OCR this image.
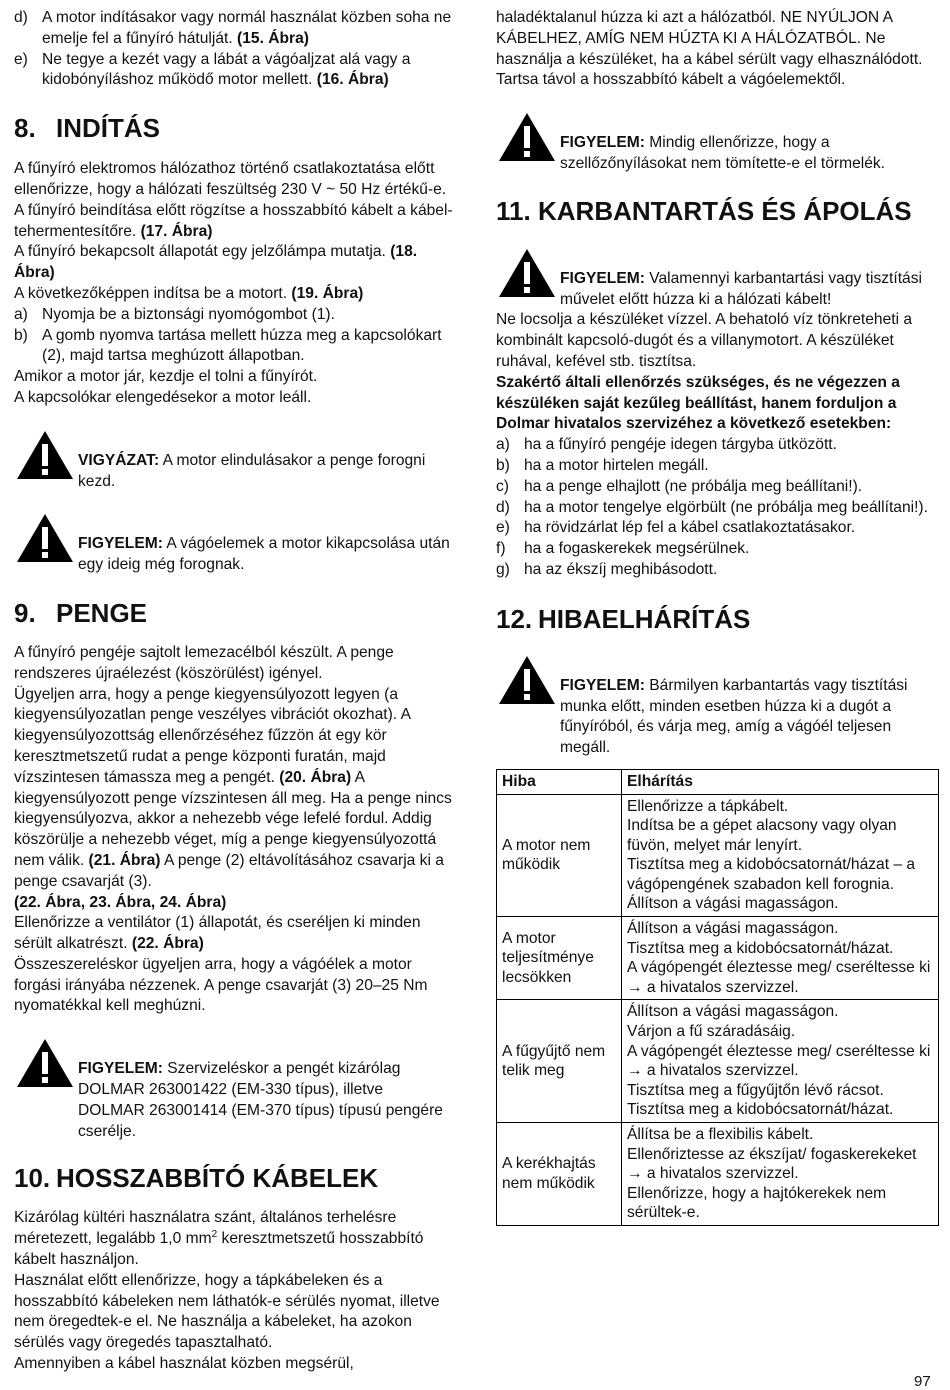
d) A motor indításakor vagy normál használat közben soha ne emelje fel a fűnyíró hátulját. (15. Ábra)
e) Ne tegye a kezét vagy a lábát a vágóaljzat alá vagy a kidobónyíláshoz működő motor mellett. (16. Ábra)
8. INDÍTÁS

A fűnyíró elektromos hálózathoz történő csatlakoztatása előtt ellenőrizze, hogy a hálózati feszültség 230 V ~ 50 Hz értékű-e.

A fűnyíró beindítása előtt rögzítse a hosszabbító kábelt a kábel-tehermentesítőre. (17. Ábra)

A fűnyíró bekapcsolt állapotát egy jelzőlámpa mutatja. (18. Ábra)

A következőképpen indítsa be a motort. (19. Ábra)

a) Nyomja be a biztonsági nyomógombot (1).
b) A gomb nyomva tartása mellett húzza meg a kapcsolókart (2), majd tartsa meghúzott állapotban.

Amikor a motor jár, kezdje el tolni a fűnyírót.

A kapcsolókar elengedésekor a motor leáll.

VIGYÁZAT: A motor elindulásakor a penge forogni kezd.

FIGYELEM: A vágóelemek a motor kikapcsolása után egy ideig még forognak.

9. PENGE

A fűnyíró pengéje sajtolt lemezacélból készült. A penge rendszeres újraélezést (köszörülést) igényel.

Ügyeljen arra, hogy a penge kiegyensúlyozott legyen (a kiegyensúlyozatlan penge veszélyes vibrációt okozhat). A kiegyensúlyozottság ellenőrzéséhez fűzzön át egy kör keresztmetszetű rudat a penge központi furatán, majd vízszintesen támassza meg a pengét. (20. Ábra) A kiegyensúlyozott penge vízszintesen áll meg. Ha a penge nincs kiegyensúlyozva, akkor a nehezebb vége lefelé fordul. Addig köszörülje a nehezebb véget, míg a penge kiegyensúlyozottá nem válik. (21. Ábra) A penge (2) eltávolításához csavarja ki a penge csavarját (3).

(22. Ábra, 23. Ábra, 24. Ábra)

Ellenőrizze a ventilátor (1) állapotát, és cseréljen ki minden sérült alkatrészt. (22. Ábra)

Összeszereléskor ügyeljen arra, hogy a vágóélek a motor forgási irányába nézzenek. A penge csavarját (3) 20–25 Nm nyomatékkal kell meghúzni.

FIGYELEM: Szervizeléskor a pengét kizárólag DOLMAR 263001422 (EM-330 típus), illetve DOLMAR 263001414 (EM-370 típus) típusú pengére cserélje.

10. HOSSZABBÍTÓ KÁBELEK

Kizárólag kültéri használatra szánt, általános terhelésre méretezett, legalább 1,0 $mm^2$ keresztmetszetű hosszabbító kábelt használjon.

Használat előtt ellenőrizze, hogy a tápkábeleken és a hosszabbító kábeleken nem láthatók-e sérülés nyomat, illetve nem öregedtek-e el. Ne használja a kábeleket, ha azokon sérülés vagy öregedés tapasztalható.

Amennyiben a kábel használat közben megsérül,

haladéktalanul húzza ki azt a hálózatból. NE NYÚLJON A KÁBELHEZ, AMÍG NEM HÚZTA KI A HÁLÓZATBÓL. Ne használja a készüléket, ha a kábel sérült vagy elhasználódott. Tartsa távol a hosszabbító kábelt a vágóelemektől.

FIGYELEM: Mindig ellenőrizze, hogy a szellőzőnyílásokat nem tömítette-e el törmelék.

11. KARBANTARTÁS ÉS ÁPOLÁS

FIGYELEM: Valamennyi karbantartási vagy tisztítási művelet előtt húzza ki a hálózati kábelt!

Ne locsolja a készüléket vízzel. A behatoló víz tönkreteheti a kombinált kapcsoló-dugót és a villanymotort. A készüléket ruhával, kefével stb. tisztítsa.

Szakértő általi ellenőrzés szükséges, és ne végezzen a készüléken saját kezűleg beállítást, hanem forduljon a Dolmar hivatalos szervizéhez a következő esetekben:

a) ha a fűnyíró pengéje idegen tárgyba ütközött.
b) ha a motor hirtelen megáll.
c) ha a penge elhajlott (ne próbálja meg beállítani!).
d) ha a motor tengelye elgörbült (ne próbálja meg beállítani!).
e) ha rövidzárlat lép fel a kábel csatlakoztatásakor.
f)	ha a fogaskerekek megsérülnek.
g) ha az ékszíj meghibásodott.
12. HIBAELHÁRÍTÁS

FIGYELEM: Bármilyen karbantartás vagy tisztítási munka előtt, minden esetben húzza ki a dugót a fűnyíróból, és várja meg, amíg a vágóél teljesen megáll.

Hiba	Elhárítás
A motor nem működik	Ellenőrizze a tápkábelt.
Indítsa be a gépet alacsony vagy olyan füvön, melyet már lenyírt.
Tisztítsa meg a kidobócsatornát/házat – a vágópengének szabadon kell forognia.
Állítson a vágási magasságon.

A motor teljesítménye lecsökken	Állítson a vágási magasságon.
Tisztítsa meg a kidobócsatornát/házat.
A vágópengét éleztesse meg/ cseréltesse ki → a hivatalos szervizzel.

A fűgyűjtő nem telik meg	Állítson a vágási magasságon.
Várjon a fű száradásáig.
A vágópengét éleztesse meg/ cseréltesse ki → a hivatalos szervizzel.
Tisztítsa meg a fűgyűjtőn lévő rácsot.
Tisztítsa meg a kidobócsatornát/házat.

A kerékhajtás nem működik	Állítsa be a flexibilis kábelt.
Ellenőriztesse az ékszíjat/ fogaskerekeket → a hivatalos szervizzel.
Ellenőrizze, hogy a hajtókerekek nem sérültek-e.
97
